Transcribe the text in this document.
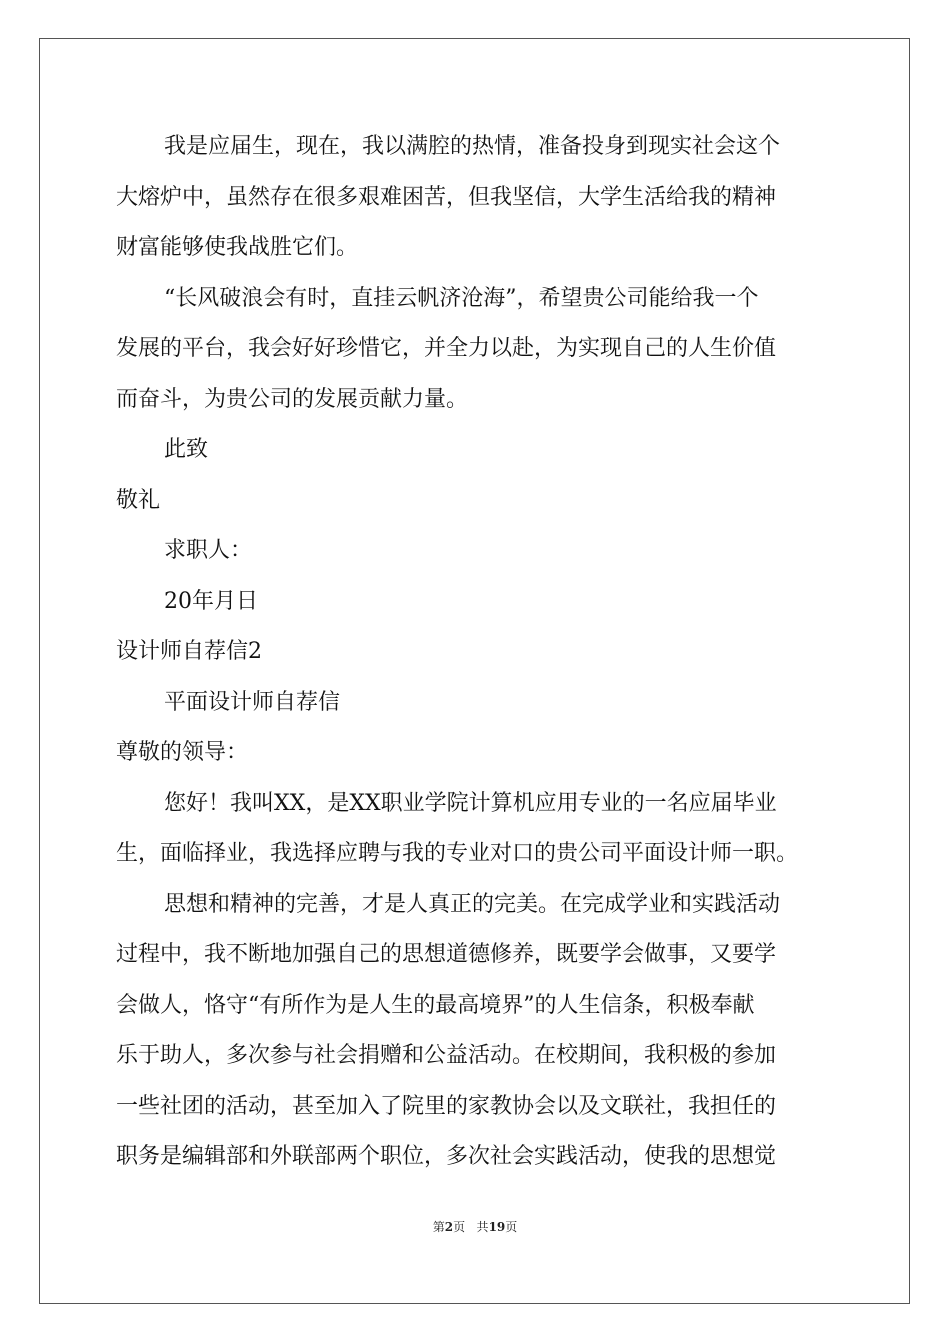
我是应届生，现在，我以满腔的热情，准备投身到现实社会这个
大熔炉中，虽然存在很多艰难困苦，但我坚信，大学生活给我的精神
财富能够使我战胜它们。
“长风破浪会有时，直挂云帆济沧海”，希望贵公司能给我一个
发展的平台，我会好好珍惜它，并全力以赴，为实现自己的人生价值
而奋斗，为贵公司的发展贡献力量。
此致
敬礼
求职人：
20年月日
设计师自荐信2
平面设计师自荐信
尊敬的领导：
您好！我叫XX，是XX职业学院计算机应用专业的一名应届毕业
生，面临择业，我选择应聘与我的专业对口的贵公司平面设计师一职。
思想和精神的完善，才是人真正的完美。在完成学业和实践活动
过程中，我不断地加强自己的思想道德修养，既要学会做事，又要学
会做人，恪守“有所作为是人生的最高境界”的人生信条，积极奉献
乐于助人，多次参与社会捐赠和公益活动。在校期间，我积极的参加
一些社团的活动，甚至加入了院里的家教协会以及文联社，我担任的
职务是编辑部和外联部两个职位，多次社会实践活动，使我的思想觉
第2页 共19页
